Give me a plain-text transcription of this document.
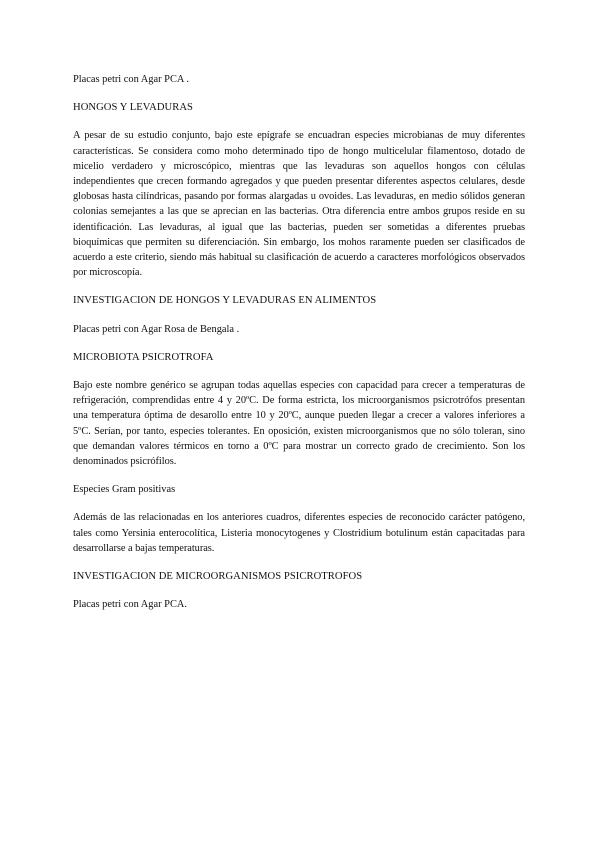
Placas petri con Agar PCA .

HONGOS Y LEVADURAS

A pesar de su estudio conjunto, bajo este epígrafe se encuadran especies microbianas de muy diferentes características. Se considera como moho determinado tipo de hongo multicelular filamentoso, dotado de micelio verdadero y microscópico, mientras que las levaduras son aquellos hongos con células independientes que crecen formando agregados y que pueden presentar diferentes aspectos celulares, desde globosas hasta cilíndricas, pasando por formas alargadas u ovoides. Las levaduras, en medio sólidos generan colonias semejantes a las que se aprecian en las bacterias. Otra diferencia entre ambos grupos reside en su identificación. Las levaduras, al igual que las bacterias, pueden ser sometidas a diferentes pruebas bioquímicas que permiten su diferenciación. Sin embargo, los mohos raramente pueden ser clasificados de acuerdo a este criterio, siendo más habitual su clasificación de acuerdo a caracteres morfológicos observados por microscopía.

INVESTIGACION DE HONGOS Y LEVADURAS EN ALIMENTOS

Placas petri con Agar Rosa de Bengala .

MICROBIOTA PSICROTROFA

Bajo este nombre genérico se agrupan todas aquellas especies con capacidad para crecer a temperaturas de refrigeración, comprendidas entre 4 y 20ºC. De forma estricta, los microorganismos psicrotrófos presentan una temperatura óptima de desarollo entre 10 y 20ºC, aunque pueden llegar a crecer a valores inferiores a 5ºC. Serían, por tanto, especies tolerantes. En oposición, existen microorganismos que no sólo toleran, sino que demandan valores térmicos en torno a 0ºC para mostrar un correcto grado de crecimiento. Son los denominados psicrófilos.

Especies Gram positivas

Además de las relacionadas en los anteriores cuadros, diferentes especies de reconocido carácter patógeno, tales como Yersinia enterocolítica, Listeria monocytogenes y Clostridium botulinum están capacitadas para desarrollarse a bajas temperaturas.

INVESTIGACION DE MICROORGANISMOS PSICROTROFOS

Placas petri con Agar PCA.
